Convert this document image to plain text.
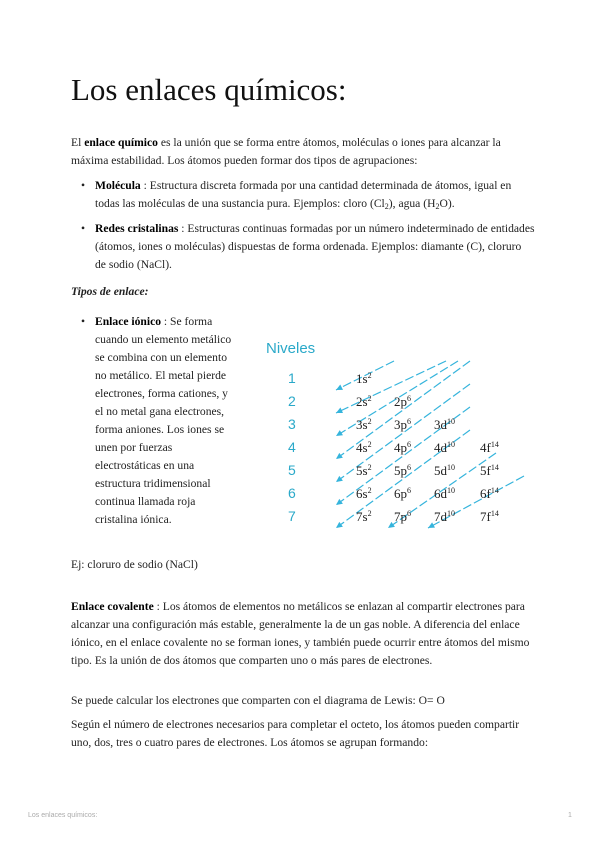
Los enlaces químicos:

El enlace químico es la unión que se forma entre átomos, moléculas o iones para alcanzar la máxima estabilidad. Los átomos pueden formar dos tipos de agrupaciones:

• Molécula : Estructura discreta formada por una cantidad determinada de átomos, igual en todas las moléculas de una sustancia pura. Ejemplos: cloro $(Cl_2)$, agua $(H_2O)$.

• Redes cristalinas : Estructuras continuas formadas por un número indeterminado de entidades (átomos, iones o moléculas) dispuestas de forma ordenada. Ejemplos: diamante (C), cloruro de sodio (NaCl).

Tipos de enlace:

• Enlace iónico : Se forma cuando un elemento metálico se combina con un elemento no metálico. El metal pierde electrones, forma cationes, y el no metal gana electrones, forma aniones. Los iones se unen por fuerzas electrostáticas en una estructura tridimensional continua llamada roja cristalina iónica.

Ej: cloruro de sodio (NaCl)

Niveles
1
2
3
4
5
6
7
$1s^2$
$2s^2$ $2p^6$
$3s^2$ $3p^6$ $3d^{10}$
$4s^2$ $4p^6$ $4d^{10}$ $4f^{14}$
$5s^2$ $5p^6$ $5d^{10}$ $5f^{14}$
$6s^2$ $6p^6$ $6d^{10}$ $6f^{14}$
$7s^2$ $7p^6$ $7d^{10}$ $7f^{14}$

Enlace covalente : Los átomos de elementos no metálicos se enlazan al compartir electrones para alcanzar una configuración más estable, generalmente la de un gas noble. A diferencia del enlace iónico, en el enlace covalente no se forman iones, y también puede ocurrir entre átomos del mismo tipo. Es la unión de dos átomos que comparten uno o más pares de electrones.

Se puede calcular los electrones que comparten con el diagrama de Lewis: O= O

Según el número de electrones necesarios para completar el octeto, los átomos pueden compartir uno, dos, tres o cuatro pares de electrones. Los átomos se agrupan formando:

Los enlaces químicos:	1
